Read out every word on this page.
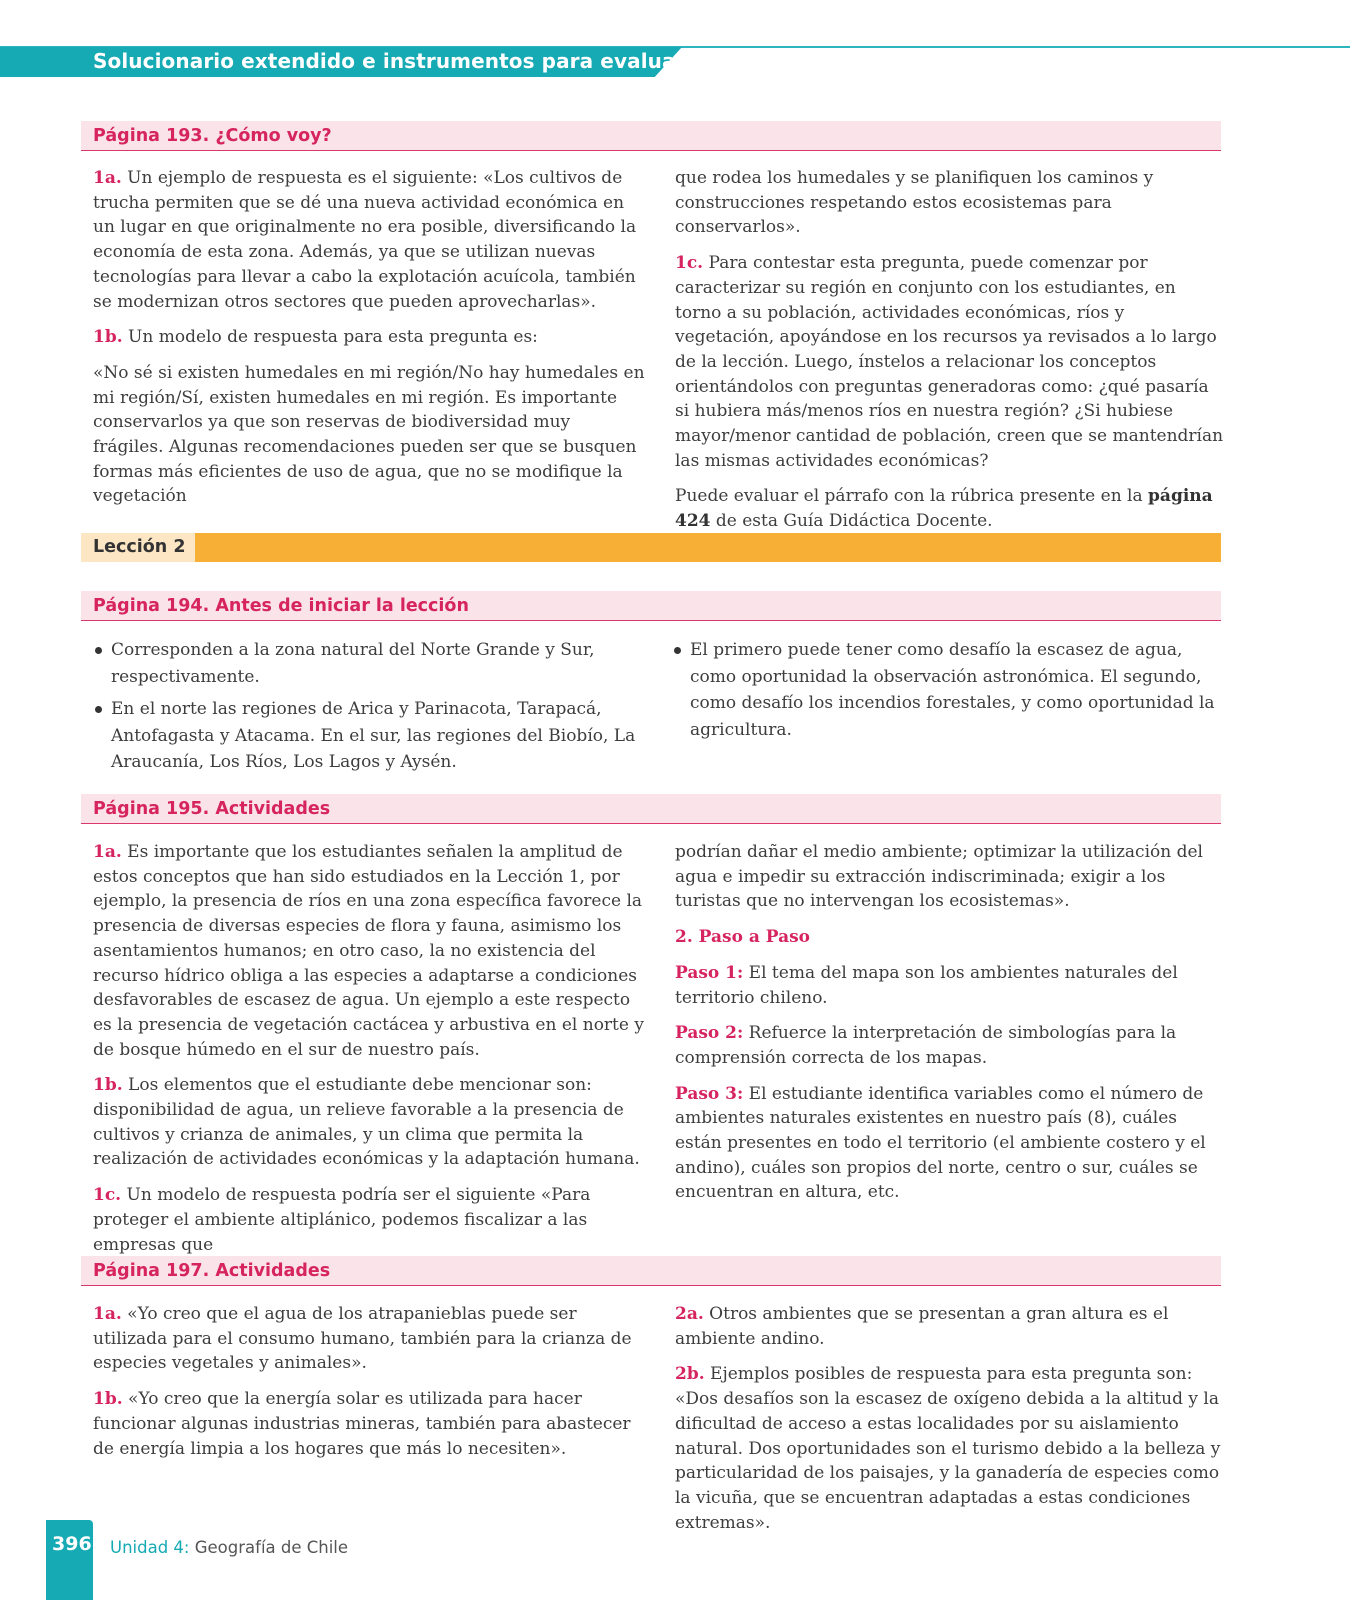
Solucionario extendido e instrumentos para evaluar
Página 193. ¿Cómo voy?

1a. Un ejemplo de respuesta es el siguiente: «Los cultivos de trucha permiten que se dé una nueva actividad económica en un lugar en que originalmente no era posible, diversificando la economía de esta zona. Además, ya que se utilizan nuevas tecnologías para llevar a cabo la explotación acuícola, también se modernizan otros sectores que pueden aprovecharlas».

1b. Un modelo de respuesta para esta pregunta es:

«No sé si existen humedales en mi región/No hay humedales en mi región/Sí, existen humedales en mi región. Es importante conservarlos ya que son reservas de biodiversidad muy frágiles. Algunas recomendaciones pueden ser que se busquen formas más eficientes de uso de agua, que no se modifique la vegetación

que rodea los humedales y se planifiquen los caminos y construcciones respetando estos ecosistemas para conservarlos».

1c. Para contestar esta pregunta, puede comenzar por caracterizar su región en conjunto con los estudiantes, en torno a su población, actividades económicas, ríos y vegetación, apoyándose en los recursos ya revisados a lo largo de la lección. Luego, ínstelos a relacionar los conceptos orientándolos con preguntas generadoras como: ¿qué pasaría si hubiera más/menos ríos en nuestra región? ¿Si hubiese mayor/menor cantidad de población, creen que se mantendrían las mismas actividades económicas?

Puede evaluar el párrafo con la rúbrica presente en la página 424 de esta Guía Didáctica Docente.

Lección 2
Página 194. Antes de iniciar la lección
Corresponden a la zona natural del Norte Grande y Sur, respectivamente.
En el norte las regiones de Arica y Parinacota, Tarapacá, Antofagasta y Atacama. En el sur, las regiones del Biobío, La Araucanía, Los Ríos, Los Lagos y Aysén.
El primero puede tener como desafío la escasez de agua, como oportunidad la observación astronómica. El segundo, como desafío los incendios forestales, y como oportunidad la agricultura.
Página 195. Actividades

1a. Es importante que los estudiantes señalen la amplitud de estos conceptos que han sido estudiados en la Lección 1, por ejemplo, la presencia de ríos en una zona específica favorece la presencia de diversas especies de flora y fauna, asimismo los asentamientos humanos; en otro caso, la no existencia del recurso hídrico obliga a las especies a adaptarse a condiciones desfavorables de escasez de agua. Un ejemplo a este respecto es la presencia de vegetación cactácea y arbustiva en el norte y de bosque húmedo en el sur de nuestro país.

1b. Los elementos que el estudiante debe mencionar son: disponibilidad de agua, un relieve favorable a la presencia de cultivos y crianza de animales, y un clima que permita la realización de actividades económicas y la adaptación humana.

1c. Un modelo de respuesta podría ser el siguiente «Para proteger el ambiente altiplánico, podemos fiscalizar a las empresas que

podrían dañar el medio ambiente; optimizar la utilización del agua e impedir su extracción indiscriminada; exigir a los turistas que no intervengan los ecosistemas».

2. Paso a Paso

Paso 1: El tema del mapa son los ambientes naturales del territorio chileno.

Paso 2: Refuerce la interpretación de simbologías para la comprensión correcta de los mapas.

Paso 3: El estudiante identifica variables como el número de ambientes naturales existentes en nuestro país (8), cuáles están presentes en todo el territorio (el ambiente costero y el andino), cuáles son propios del norte, centro o sur, cuáles se encuentran en altura, etc.

Página 197. Actividades

1a. «Yo creo que el agua de los atrapanieblas puede ser utilizada para el consumo humano, también para la crianza de especies vegetales y animales».

1b. «Yo creo que la energía solar es utilizada para hacer funcionar algunas industrias mineras, también para abastecer de energía limpia a los hogares que más lo necesiten».

2a. Otros ambientes que se presentan a gran altura es el ambiente andino.

2b. Ejemplos posibles de respuesta para esta pregunta son: «Dos desafíos son la escasez de oxígeno debida a la altitud y la dificultad de acceso a estas localidades por su aislamiento natural. Dos oportunidades son el turismo debido a la belleza y particularidad de los paisajes, y la ganadería de especies como la vicuña, que se encuentran adaptadas a estas condiciones extremas».

396 Unidad 4: Geografía de Chile
